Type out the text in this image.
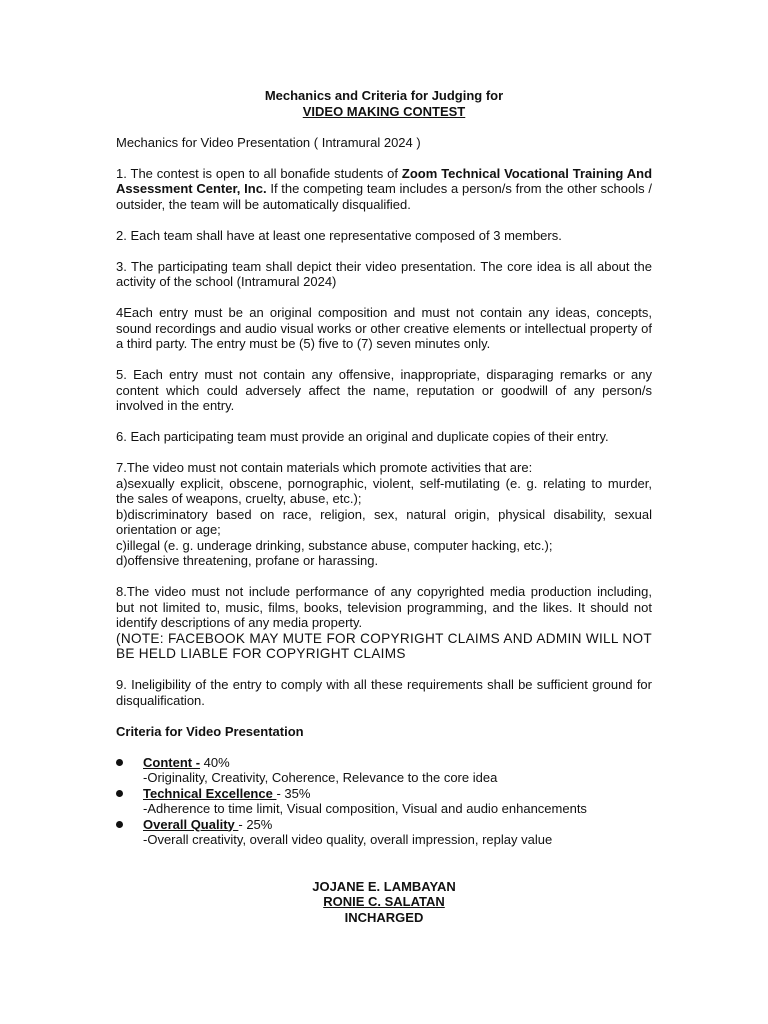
Mechanics and Criteria for Judging for
VIDEO MAKING CONTEST
Mechanics for Video Presentation ( Intramural 2024 )
1. The contest is open to all bonafide students of Zoom Technical Vocational Training And Assessment Center, Inc. If the competing team includes a person/s from the other schools / outsider, the team will be automatically disqualified.
2. Each team shall have at least one representative composed of 3 members.
3. The participating team shall depict their video presentation. The core idea is all about the activity of the school (Intramural 2024)
4Each entry must be an original composition and must not contain any ideas, concepts, sound recordings and audio visual works or other creative elements or intellectual property of a third party. The entry must be (5) five to (7) seven minutes only.
5. Each entry must not contain any offensive, inappropriate, disparaging remarks or any content which could adversely affect the name, reputation or goodwill of any person/s involved in the entry.
6. Each participating team must provide an original and duplicate copies of their entry.
7.The video must not contain materials which promote activities that are:
a)sexually explicit, obscene, pornographic, violent, self-mutilating (e. g. relating to murder, the sales of weapons, cruelty, abuse, etc.);
b)discriminatory based on race, religion, sex, natural origin, physical disability, sexual orientation or age;
c)illegal (e. g. underage drinking, substance abuse, computer hacking, etc.);
d)offensive threatening, profane or harassing.
8.The video must not include performance of any copyrighted media production including, but not limited to, music, films, books, television programming, and the likes. It should not identify descriptions of any media property.
(NOTE: FACEBOOK MAY MUTE FOR COPYRIGHT CLAIMS AND ADMIN WILL NOT BE HELD LIABLE FOR COPYRIGHT CLAIMS
9. Ineligibility of the entry to comply with all these requirements shall be sufficient ground for disqualification.
Criteria for Video Presentation
Content - 40%
-Originality, Creativity, Coherence, Relevance to the core idea
Technical Excellence - 35%
-Adherence to time limit, Visual composition, Visual and audio enhancements
Overall Quality - 25%
-Overall creativity, overall video quality, overall impression, replay value
JOJANE E. LAMBAYAN
RONIE C. SALATAN
INCHARGED
